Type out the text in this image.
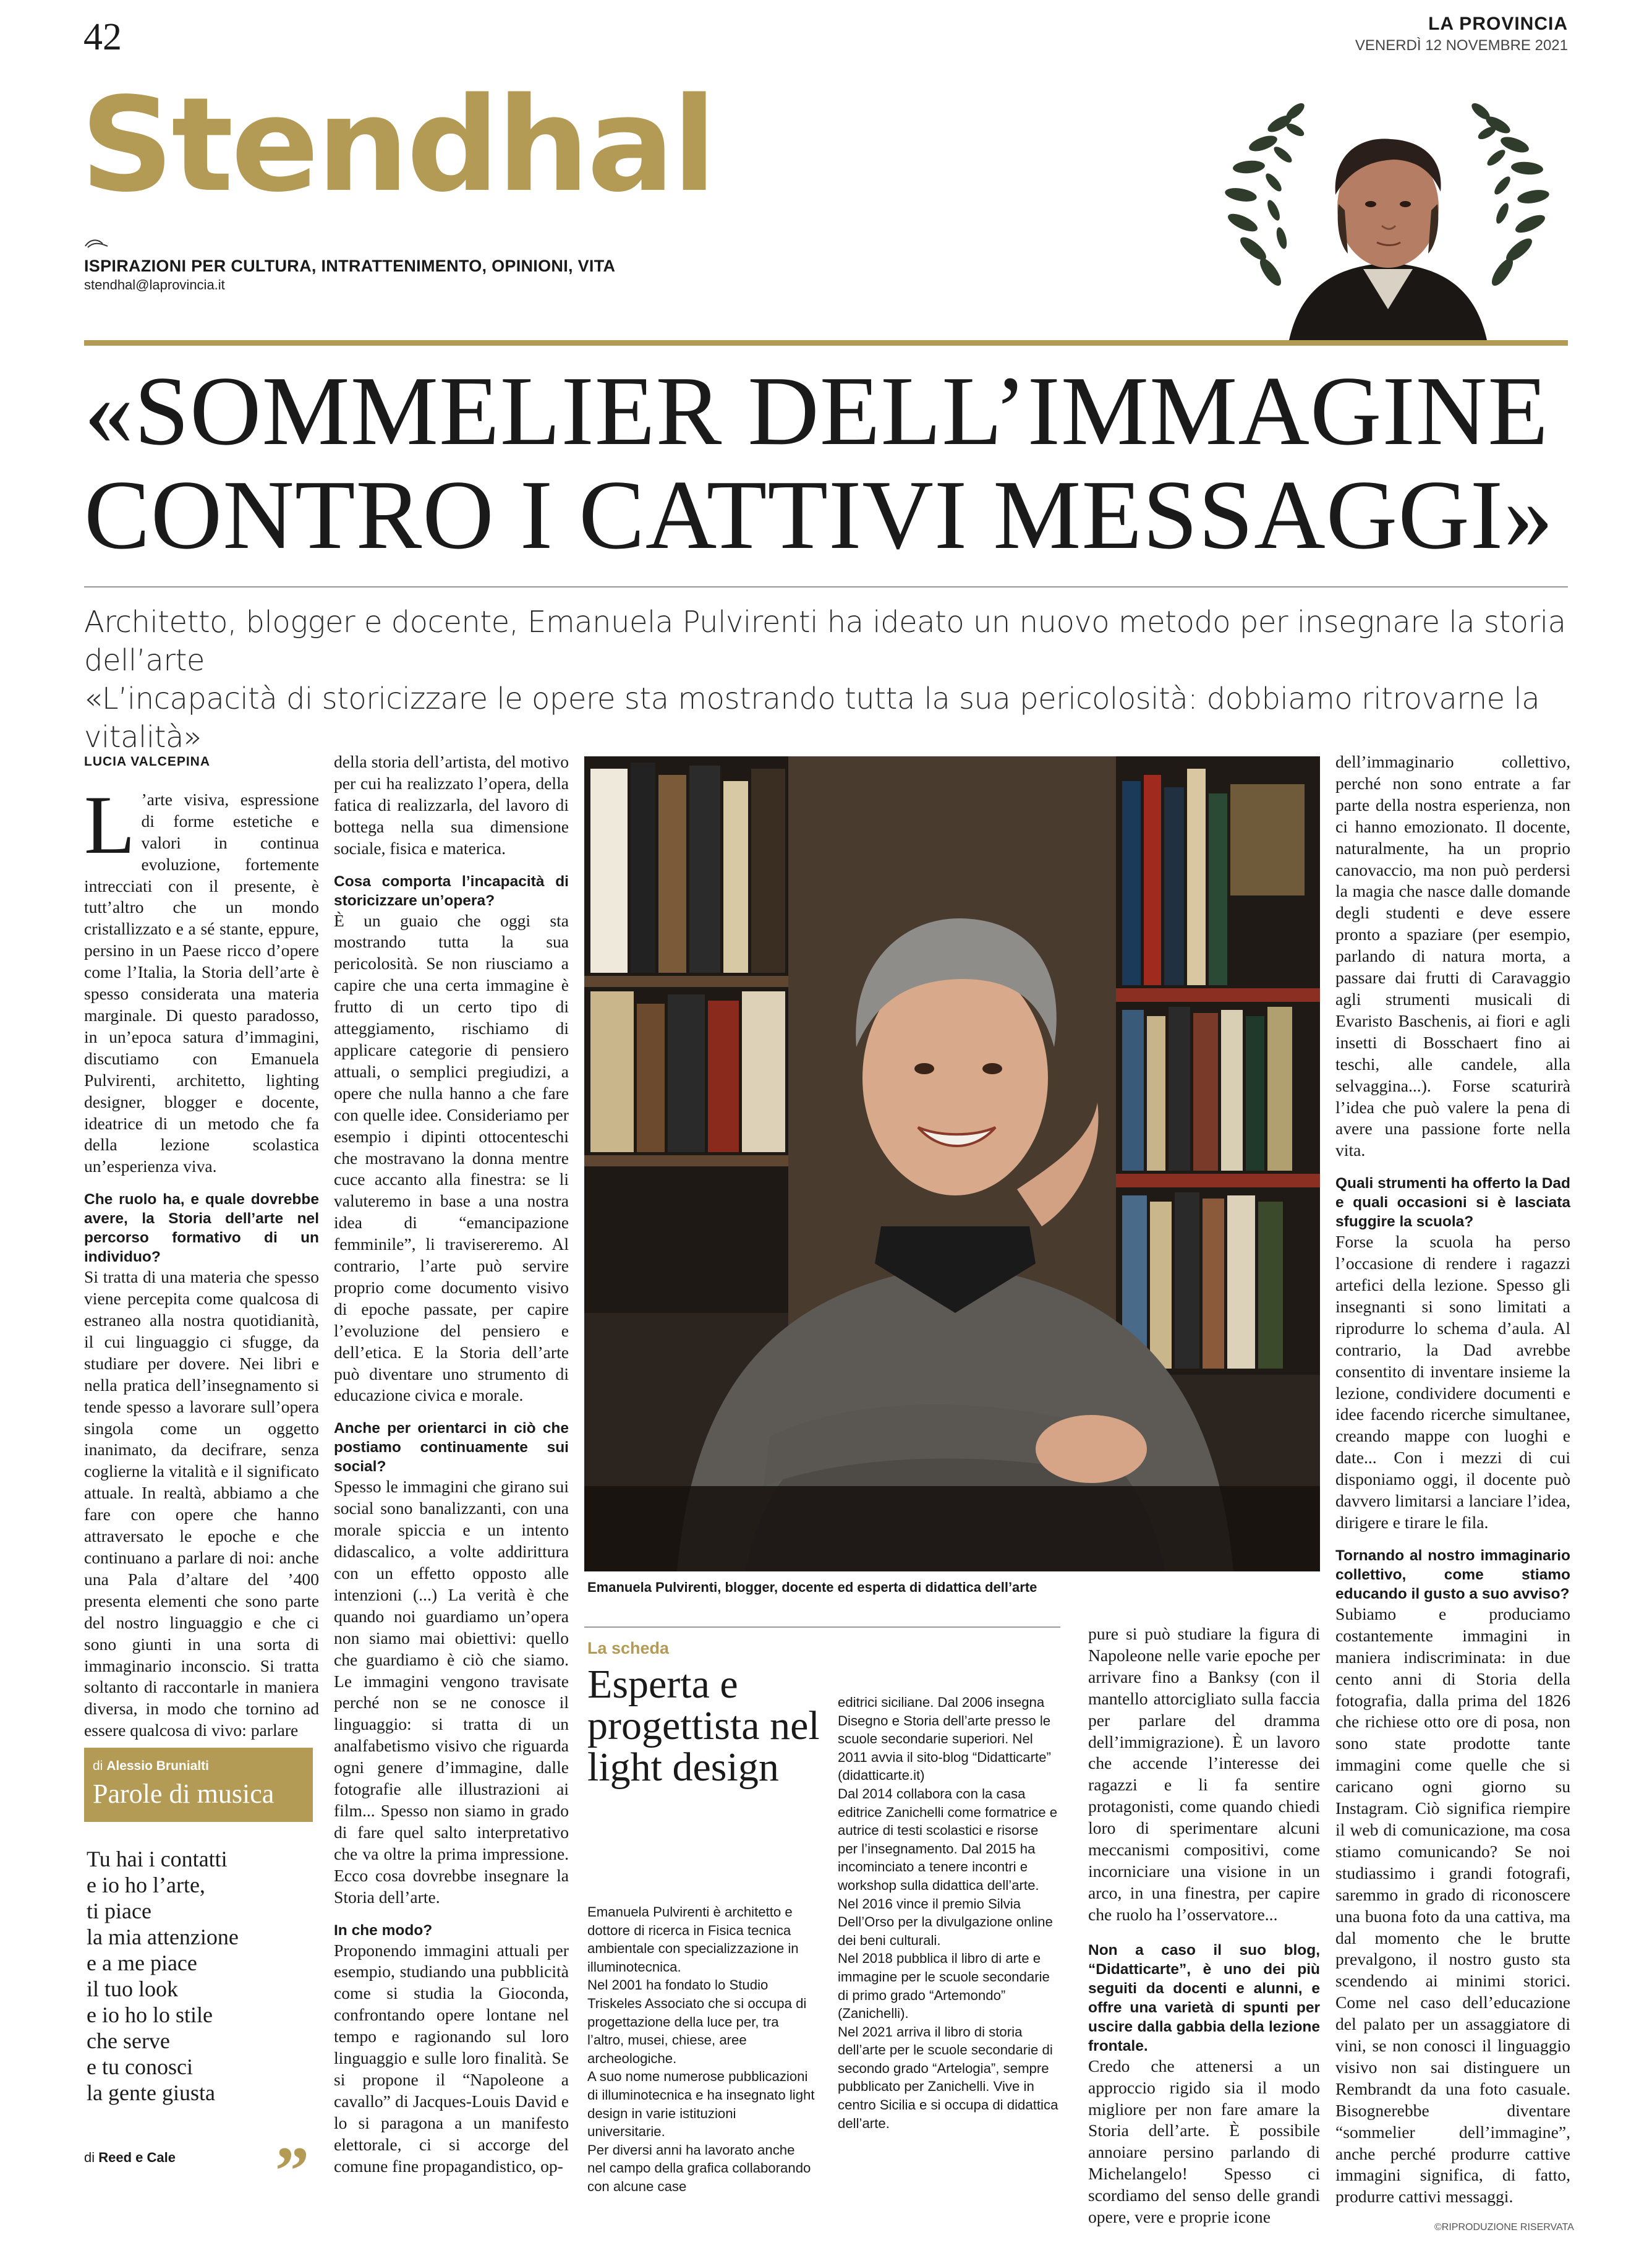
42	LA PROVINCIA
VENERDÌ 12 NOVEMBRE 2021
Stendhal
ISPIRAZIONI PER CULTURA, INTRATTENIMENTO, OPINIONI, VITA
stendhal@laprovincia.it
«SOMMELIER DELL’IMMAGINE
CONTRO I CATTIVI MESSAGGI»
Architetto, blogger e docente, Emanuela Pulvirenti ha ideato un nuovo metodo per insegnare la storia dell’arte
«L’incapacità di storicizzare le opere sta mostrando tutta la sua pericolosità: dobbiamo ritrovarne la vitalità»
LUCIA VALCEPINA

L ’arte visiva, espressione di forme estetiche e valori in continua evoluzione, fortemente intrecciati con il presente, è tutt’altro che un mondo cristallizzato e a sé stante, eppure, persino in un Paese ricco d’opere come l’Italia, la Storia dell’arte è spesso considerata una materia marginale. Di questo paradosso, in un’epoca satura d’immagini, discutiamo con Emanuela Pulvirenti, architetto, lighting designer, blogger e docente, ideatrice di un metodo che fa della lezione scolastica un’esperienza viva.

Che ruolo ha, e quale dovrebbe avere, la Storia dell’arte nel percorso formativo di un individuo?

Si tratta di una materia che spesso viene percepita come qualcosa di estraneo alla nostra quotidianità, il cui linguaggio ci sfugge, da studiare per dovere. Nei libri e nella pratica dell’insegnamento si tende spesso a lavorare sull’opera singola come un oggetto inanimato, da decifrare, senza coglierne la vitalità e il significato attuale. In realtà, abbiamo a che fare con opere che hanno attraversato le epoche e che continuano a parlare di noi: anche una Pala d’altare del ’400 presenta elementi che sono parte del nostro linguaggio e che ci sono giunti in una sorta di immaginario inconscio. Si tratta soltanto di raccontarle in maniera diversa, in modo che tornino ad essere qualcosa di vivo: parlare

della storia dell’artista, del motivo per cui ha realizzato l’opera, della fatica di realizzarla, del lavoro di bottega nella sua dimensione sociale, fisica e materica.

Cosa comporta l’incapacità di storicizzare un’opera?

È un guaio che oggi sta mostrando tutta la sua pericolosità. Se non riusciamo a capire che una certa immagine è frutto di un certo tipo di atteggiamento, rischiamo di applicare categorie di pensiero attuali, o semplici pregiudizi, a opere che nulla hanno a che fare con quelle idee. Consideriamo per esempio i dipinti ottocenteschi che mostravano la donna mentre cuce accanto alla finestra: se li valuteremo in base a una nostra idea di “emancipazione femminile”, li travisereremo. Al contrario, l’arte può servire proprio come documento visivo di epoche passate, per capire l’evoluzione del pensiero e dell’etica. E la Storia dell’arte può diventare uno strumento di educazione civica e morale.

Anche per orientarci in ciò che postiamo continuamente sui social?

Spesso le immagini che girano sui social sono banalizzanti, con una morale spiccia e un intento didascalico, a volte addirittura con un effetto opposto alle intenzioni (...) La verità è che quando noi guardiamo un’opera non siamo mai obiettivi: quello che guardiamo è ciò che siamo. Le immagini vengono travisate perché non se ne conosce il linguaggio: si tratta di un analfabetismo visivo che riguarda ogni genere d’immagine, dalle fotografie alle illustrazioni ai film... Spesso non siamo in grado di fare quel salto interpretativo che va oltre la prima impressione. Ecco cosa dovrebbe insegnare la Storia dell’arte.

In che modo?

Proponendo immagini attuali per esempio, studiando una pubblicità come si studia la Gioconda, confrontando opere lontane nel tempo e ragionando sul loro linguaggio e sulle loro finalità. Se si propone il “Napoleone a cavallo” di Jacques-Louis David e lo si paragona a un manifesto elettorale, ci si accorge del comune fine propagandistico, op-

Emanuela Pulvirenti, blogger, docente ed esperta di didattica dell’arte
La scheda
Esperta e progettista nel light design

Emanuela Pulvirenti è architetto e dottore di ricerca in Fisica tecnica ambientale con specializzazione in illuminotecnica.

Nel 2001 ha fondato lo Studio Triskeles Associato che si occupa di progettazione della luce per, tra l’altro, musei, chiese, aree archeologiche.

A suo nome numerose pubblicazioni di illuminotecnica e ha insegnato light design in varie istituzioni universitarie.

Per diversi anni ha lavorato anche nel campo della grafica collaborando con alcune case

editrici siciliane. Dal 2006 insegna Disegno e Storia dell’arte presso le scuole secondarie superiori. Nel 2011 avvia il sito-blog “Didatticarte” (didatticarte.it)

Dal 2014 collabora con la casa editrice Zanichelli come formatrice e autrice di testi scolastici e risorse per l’insegnamento. Dal 2015 ha incominciato a tenere incontri e workshop sulla didattica dell’arte.

Nel 2016 vince il premio Silvia Dell’Orso per la divulgazione online dei beni culturali.

Nel 2018 pubblica il libro di arte e immagine per le scuole secondarie di primo grado “Artemondo” (Zanichelli).

Nel 2021 arriva il libro di storia dell’arte per le scuole secondarie di secondo grado “Artelogia”, sempre pubblicato per Zanichelli. Vive in centro Sicilia e si occupa di didattica dell’arte.

pure si può studiare la figura di Napoleone nelle varie epoche per arrivare fino a Banksy (con il mantello attorcigliato sulla faccia per parlare del dramma dell’immigrazione). È un lavoro che accende l’interesse dei ragazzi e li fa sentire protagonisti, come quando chiedi loro di sperimentare alcuni meccanismi compositivi, come incorniciare una visione in un arco, in una finestra, per capire che ruolo ha l’osservatore...

Non a caso il suo blog, “Didatticarte”, è uno dei più seguiti da docenti e alunni, e offre una varietà di spunti per uscire dalla gabbia della lezione frontale.

Credo che attenersi a un approccio rigido sia il modo migliore per non fare amare la Storia dell’arte. È possibile annoiare persino parlando di Michelangelo! Spesso ci scordiamo del senso delle grandi opere, vere e proprie icone

dell’immaginario collettivo, perché non sono entrate a far parte della nostra esperienza, non ci hanno emozionato. Il docente, naturalmente, ha un proprio canovaccio, ma non può perdersi la magia che nasce dalle domande degli studenti e deve essere pronto a spaziare (per esempio, parlando di natura morta, a passare dai frutti di Caravaggio agli strumenti musicali di Evaristo Baschenis, ai fiori e agli insetti di Bosschaert fino ai teschi, alle candele, alla selvaggina...). Forse scaturirà l’idea che può valere la pena di avere una passione forte nella vita.

Quali strumenti ha offerto la Dad e quali occasioni si è lasciata sfuggire la scuola?

Forse la scuola ha perso l’occasione di rendere i ragazzi artefici della lezione. Spesso gli insegnanti si sono limitati a riprodurre lo schema d’aula. Al contrario, la Dad avrebbe consentito di inventare insieme la lezione, condividere documenti e idee facendo ricerche simultanee, creando mappe con luoghi e date... Con i mezzi di cui disponiamo oggi, il docente può davvero limitarsi a lanciare l’idea, dirigere e tirare le fila.

Tornando al nostro immaginario collettivo, come stiamo educando il gusto a suo avviso?

Subiamo e produciamo costantemente immagini in maniera indiscriminata: in due cento anni di Storia della fotografia, dalla prima del 1826 che richiese otto ore di posa, non sono state prodotte tante immagini come quelle che si caricano ogni giorno su Instagram. Ciò significa riempire il web di comunicazione, ma cosa stiamo comunicando? Se noi studiassimo i grandi fotografi, saremmo in grado di riconoscere una buona foto da una cattiva, ma dal momento che le brutte prevalgono, il nostro gusto sta scendendo ai minimi storici. Come nel caso dell’educazione del palato per un assaggiatore di vini, se non conosci il linguaggio visivo non sai distinguere un Rembrandt da una foto casuale. Bisognerebbe diventare “sommelier dell’immagine”, anche perché produrre cattive immagini significa, di fatto, produrre cattivi messaggi.

di Alessio Brunialti
Parole di musica
Tu hai i contatti
e io ho l’arte,
ti piace
la mia attenzione
e a me piace
il tuo look
e io ho lo stile
che serve
e tu conosci
la gente giusta
di Reed e Cale ”
©RIPRODUZIONE RISERVATA
